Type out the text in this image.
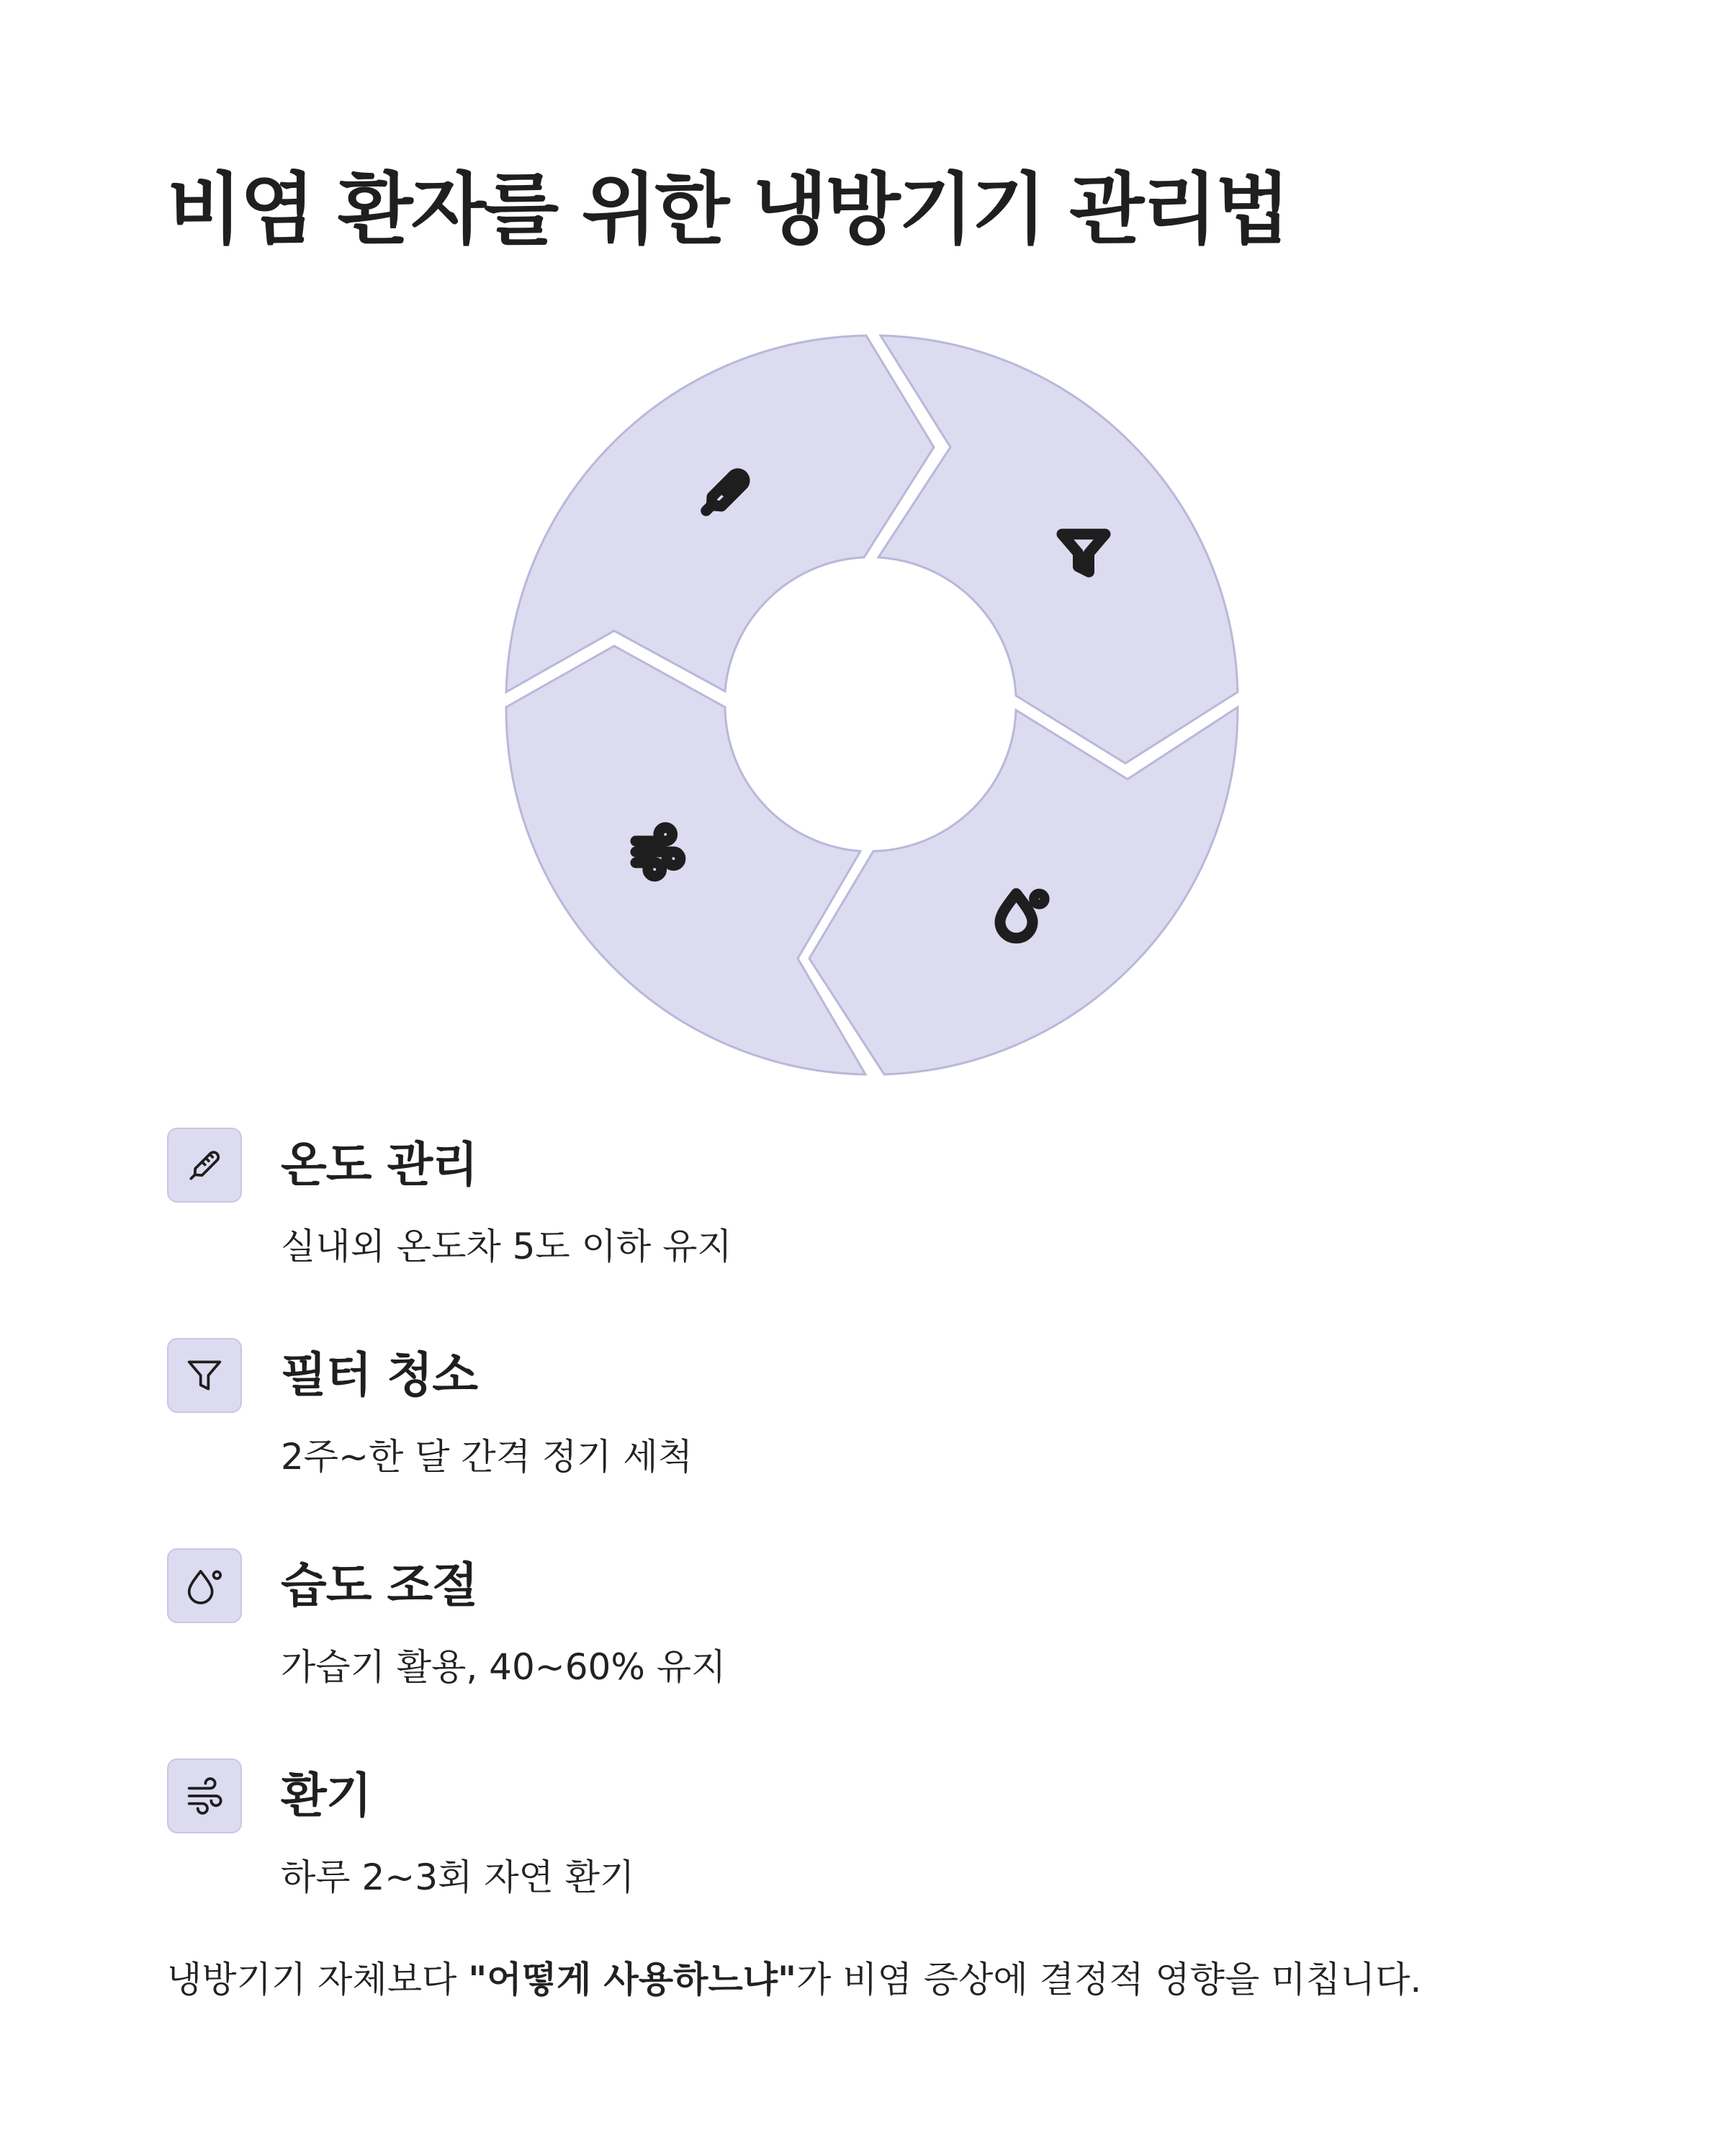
비염 환자를 위한 냉방기기 관리법
온도 관리

실내외 온도차 5도 이하 유지

필터 청소

2주~한 달 간격 정기 세척

습도 조절

가습기 활용, 40~60% 유지

환기

하루 2~3회 자연 환기

냉방기기 자체보다 "어떻게 사용하느냐"가 비염 증상에 결정적 영향을 미칩니다.
